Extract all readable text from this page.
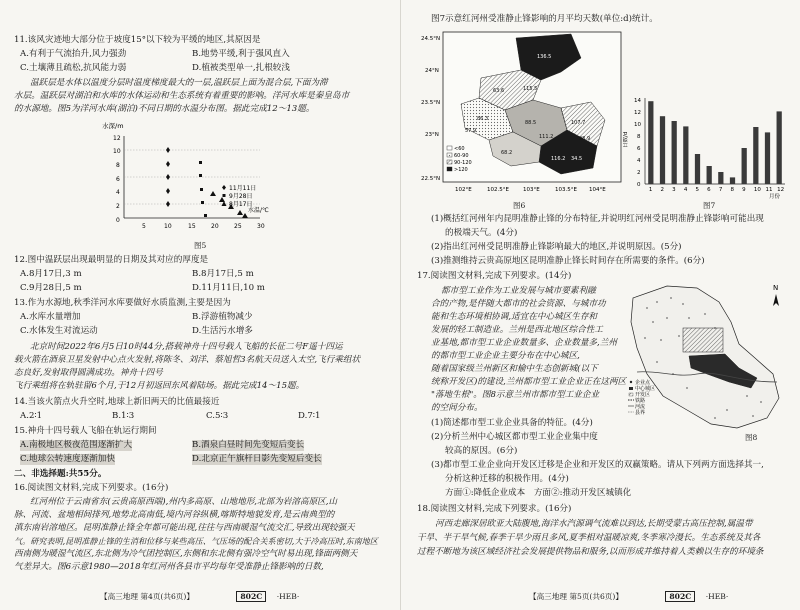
11.该风灾迹地大部分位于坡度15°以下较为平缓的地区,其原因是
A.有利于气流抬升,风力强劲	B.地势平缓,利于强风直入
C.土壤薄且疏松,抗风能力弱	D.植被类型单一,扎根较浅
温跃层是水体以温度分层时温度梯度最大的一层,温跃层上面为混合层,下面为滞
水层。温跃层对湖泊和水库的水体运动和生态系统有着重要的影响。洋河水库是秦皇岛市
的水源地。图5为洋河水库(湖泊)不同日期的水温分布图。据此完成12～13题。
水深/m
12
10
8
6
4
2
0
5	10	15	20	25	30
水温/℃
11月11日
9月28日
8月17日
图5
12.图中温跃层出现最明显的日期及其对应的厚度是
A.8月17日,3 m	B.8月17日,5 m
C.9月28日,5 m	D.11月11日,10 m
13.作为水源地,秋季洋河水库要做好水质监测,主要是因为
A.水库水量增加	B.浮游植物减少
C.水体发生对流运动	D.生活污水增多
北京时间2022年6月5日10时44分,搭载神舟十四号载人飞船的长征二号F遥十四运
载火箭在酒泉卫星发射中心点火发射,将陈冬、刘洋、蔡旭哲3名航天员送入太空,飞行乘组状
态良好,发射取得圆满成功。神舟十四号
飞行乘组将在轨驻留6个月,于12月初返回东风着陆场。据此完成14～15题。
14.当该火箭点火升空时,地球上新旧两天的比值最接近
A.2∶1	B.1∶3	C.5∶3	D.7∶1
15.神舟十四号载人飞船在轨运行期间
A.南极地区极夜范围逐渐扩大	B.酒泉白昼时间先变短后变长
C.地球公转速度逐渐加快	D.北京正午旗杆日影先变短后变长
二、非选择题:共55分。
16.阅读图文材料,完成下列要求。(16分)
红河州位于云南省东(云贵高原西端),州内多高原、山地地形,北部为岩溶高原区,山
脉、河流、盆地相间排列,地势北高南低,境内河谷纵横,喀斯特地貌发育,是云南典型的
滇东南岩溶地区。昆明准静止锋全年都可能出现,往往与西南暖湿气流交汇,导致出现较强天
气。研究表明,昆明准静止锋的生消和位移与某些高压、气压场的配合关系密切,大于冷高压时,东南地区
西南侧为暖湿气流区,东北侧为冷气团控制区,东侧和东北侧有强冷空气时易出现,锋面两侧天
气差异大。图6示意1980—2018年红河州各县市平均每年受准静止锋影响的日数,
【高三地理 第4页(共6页)】	802C ·HEB·
图7示意红河州受准静止锋影响的月平均天数(单位:d)统计。
24.5°N
24°N
23.5°N
23°N
22.5°N
102°E	102.5°E	103°E	103.5°E 104°E
63.6
86.3
115.5
57.9
88.5	107.7
68.2
111.2
116.2
98.9
136.5
34.5
<60
60-90
90-120
>120
图6
日数/d
14
12
10
8
6
4
2
0
1 2 3 4 5 6 7 8 9 10 11 12
月份
图7
(1)概括红河州年内昆明准静止锋的分布特征,并说明红河州受昆明准静止锋影响可能出现
的极端天气。(4分)
(2)指出红河州受昆明准静止锋影响最大的地区,并说明原因。(5分)
(3)推测维持云贵高原地区昆明准静止锋长时间存在所需要的条件。(6分)
17.阅读图文材料,完成下列要求。(14分)
都市型工业作为工业发展与城市要素利融
合的产物,是伴随大都市的社会资源、与城市功
能和生态环境相协调,适宜在中心城区生存和
发展的轻工制造业。兰州是西北地区综合性工
业基地,都市型工业企业数量多、企业数量多,兰州
的都市型工业企业主要分布在中心城区,
随着国家级兰州新区和榆中生态创新城(以下
统称开发区)的建设,兰州都市型工业企业正在这两区
"落地生根"。图8示意兰州市都市型工业企业
的空间分布。
N
企业点
中心城区
开发区
铁路
河流
县界
图8
(1)简述都市型工业企业具备的特征。(4分)
(2)分析兰州中心城区都市型工业企业集中度
较高的原因。(6分)
(3)都市型工业企业向开发区迁移是企业和开发区的双赢策略。请从下列两方面选择其一,
分析这种迁移的积极作用。(4分)
方面①:降低企业成本　方面②:推动开发区城镇化
18.阅读图文材料,完成下列要求。(16分)
河西走廊深居欧亚大陆腹地,海洋水汽源调气流难以到达,长期受蒙古高压控制,属温带
干旱、半干旱气候,春季干旱少雨且多风,夏季相对温暖凉爽,冬季寒冷漫长。生态系统及其各
过程不断地为该区域经济社会发展提供物品和服务,以而形成并维持着人类赖以生存的环境条
【高三地理 第5页(共6页)】	802C ·HEB·
